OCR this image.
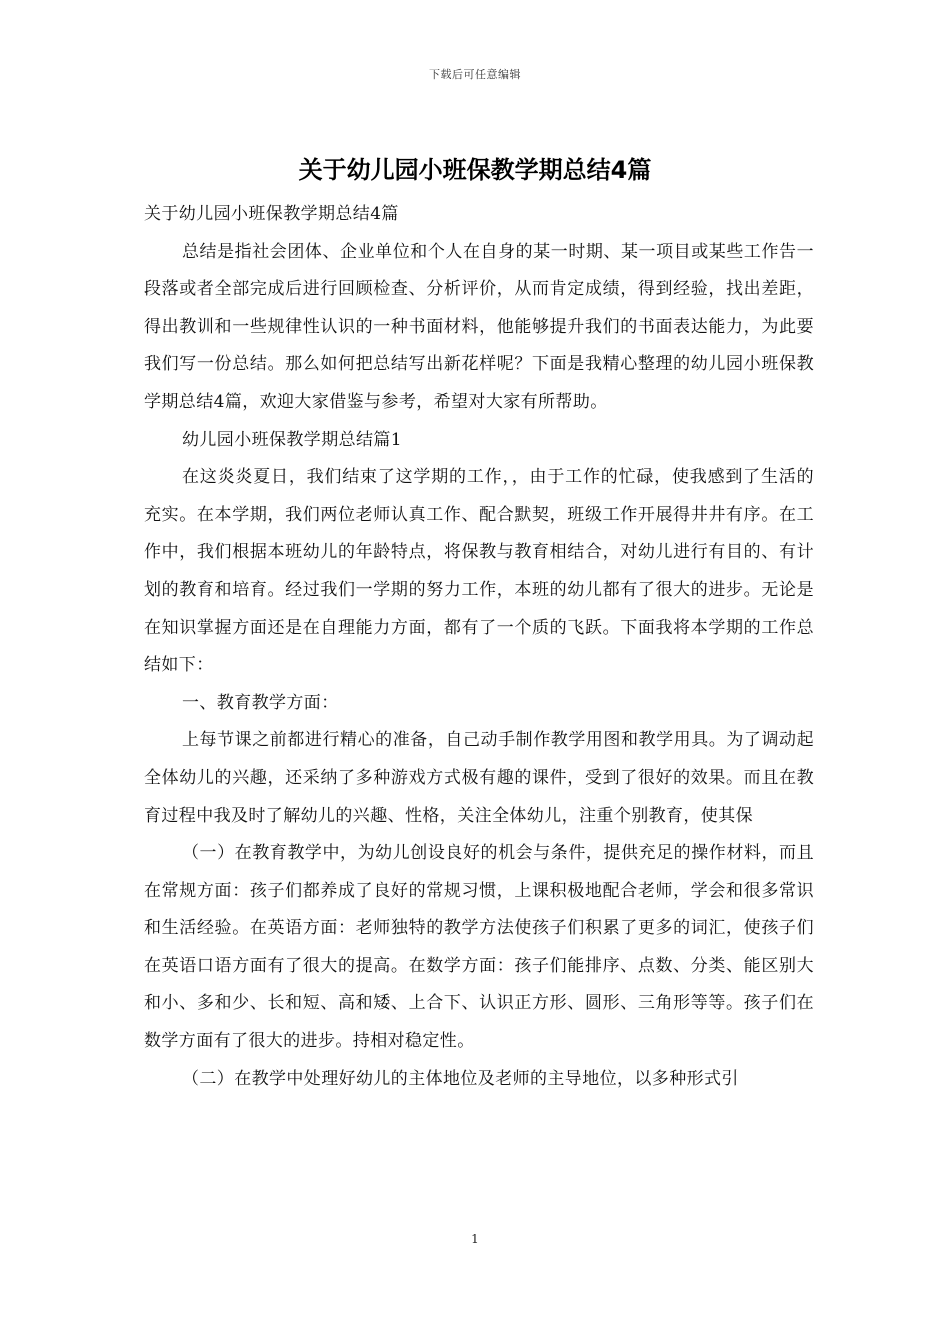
下载后可任意编辑
关于幼儿园小班保教学期总结4篇

关于幼儿园小班保教学期总结4篇

总结是指社会团体、企业单位和个人在自身的某一时期、某一项目或某些工作告一段落或者全部完成后进行回顾检查、分析评价，从而肯定成绩，得到经验，找出差距，得出教训和一些规律性认识的一种书面材料，他能够提升我们的书面表达能力，为此要我们写一份总结。那么如何把总结写出新花样呢？下面是我精心整理的幼儿园小班保教学期总结4篇，欢迎大家借鉴与参考，希望对大家有所帮助。

幼儿园小班保教学期总结篇1

在这炎炎夏日，我们结束了这学期的工作，，由于工作的忙碌，使我感到了生活的充实。在本学期，我们两位老师认真工作、配合默契，班级工作开展得井井有序。在工作中，我们根据本班幼儿的年龄特点，将保教与教育相结合，对幼儿进行有目的、有计划的教育和培育。经过我们一学期的努力工作，本班的幼儿都有了很大的进步。无论是在知识掌握方面还是在自理能力方面，都有了一个质的飞跃。下面我将本学期的工作总结如下：

一、教育教学方面：

上每节课之前都进行精心的准备，自己动手制作教学用图和教学用具。为了调动起全体幼儿的兴趣，还采纳了多种游戏方式极有趣的课件，受到了很好的效果。而且在教育过程中我及时了解幼儿的兴趣、性格，关注全体幼儿，注重个别教育，使其保

（一）在教育教学中，为幼儿创设良好的机会与条件，提供充足的操作材料，而且在常规方面：孩子们都养成了良好的常规习惯，上课积极地配合老师，学会和很多常识和生活经验。在英语方面：老师独特的教学方法使孩子们积累了更多的词汇，使孩子们在英语口语方面有了很大的提高。在数学方面：孩子们能排序、点数、分类、能区别大和小、多和少、长和短、高和矮、上合下、认识正方形、圆形、三角形等等。孩子们在数学方面有了很大的进步。持相对稳定性。

（二）在教学中处理好幼儿的主体地位及老师的主导地位，以多种形式引

1
